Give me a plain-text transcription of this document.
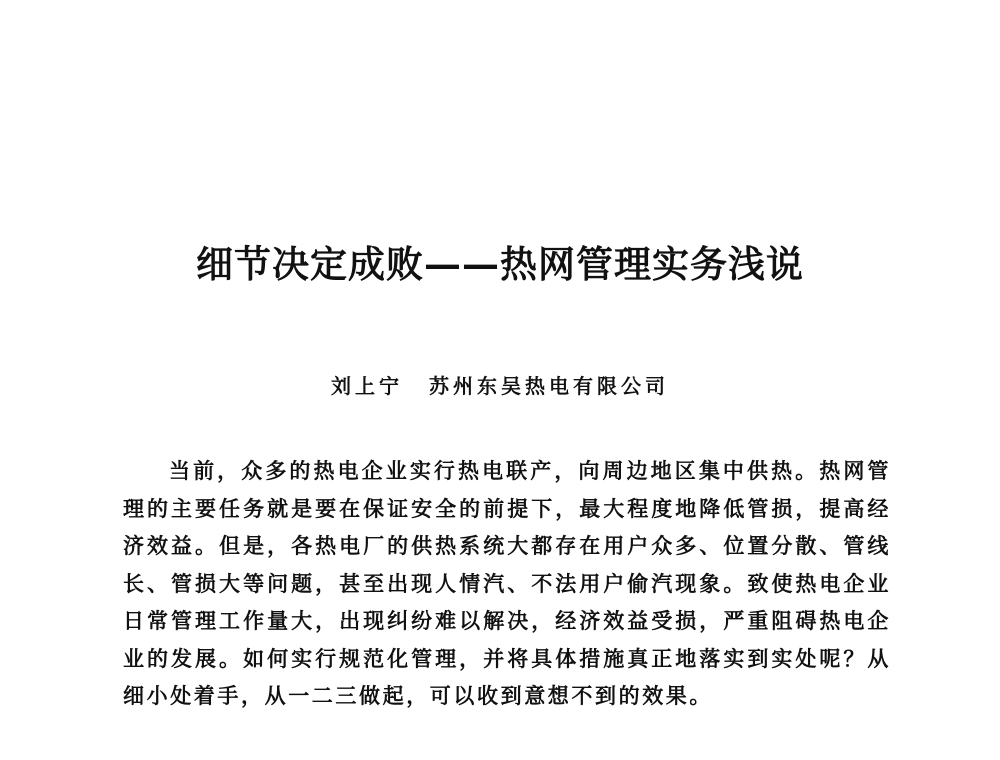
细节决定成败——热网管理实务浅说

刘上宁 苏州东吴热电有限公司

当前，众多的热电企业实行热电联产，向周边地区集中供热。热网管理的主要任务就是要在保证安全的前提下，最大程度地降低管损，提高经济效益。但是，各热电厂的供热系统大都存在用户众多、位置分散、管线长、管损大等问题，甚至出现人情汽、不法用户偷汽现象。致使热电企业日常管理工作量大，出现纠纷难以解决，经济效益受损，严重阻碍热电企业的发展。如何实行规范化管理，并将具体措施真正地落实到实处呢？从细小处着手，从一二三做起，可以收到意想不到的效果。
